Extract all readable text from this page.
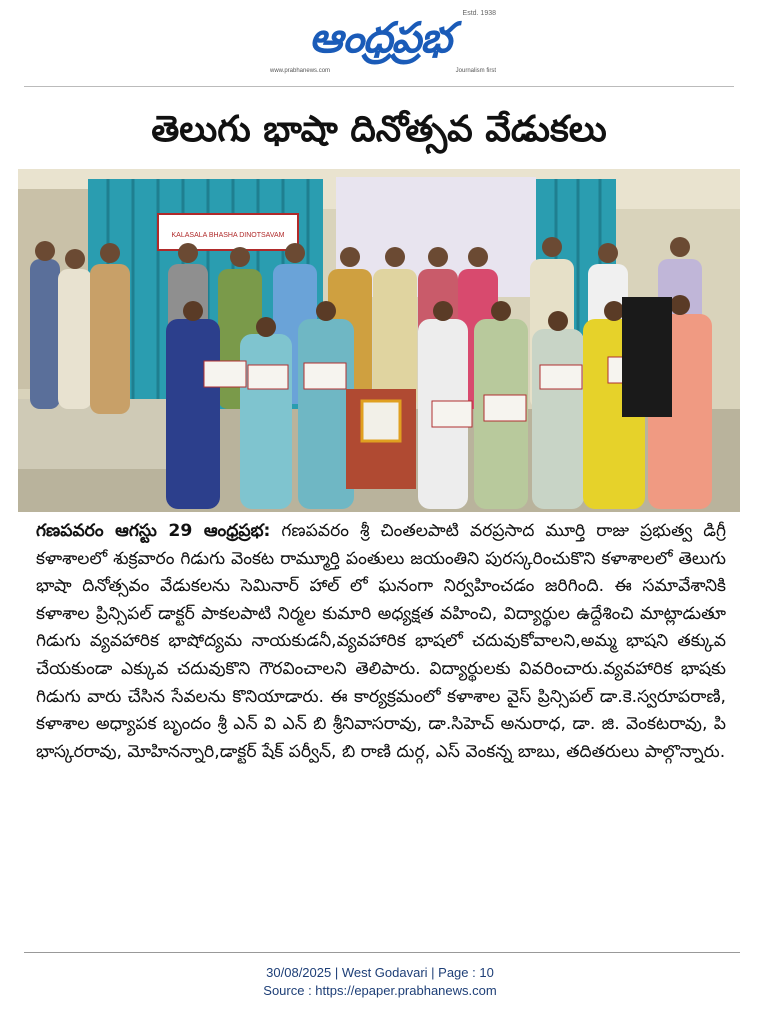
ఆంధ్రప్రభ	Estd. 1938
www.prabhanews.com	Journalism first
తెలుగు భాషా దినోత్సవ వేడుకలు
KALASALA BHASHA DINOTSAVAM
గణపవరం ఆగస్టు 29 ఆంధ్రప్రభ: గణపవరం శ్రీ చింతలపాటి వరప్రసాద మూర్తి రాజు ప్రభుత్వ డిగ్రీ కళాశాలలో శుక్రవారం గిడుగు వెంకట రామ్మూర్తి పంతులు జయంతిని పురస్కరించుకొని కళాశాలలో తెలుగు భాషా దినోత్సవం వేడుకలను సెమినార్ హాల్ లో ఘనంగా నిర్వహించడం జరిగింది. ఈ సమావేశానికి కళాశాల ప్రిన్సిపల్ డాక్టర్ పాకలపాటి నిర్మల కుమారి అధ్యక్షత వహించి, విద్యార్థుల ఉద్దేశించి మాట్లాడుతూ గిడుగు వ్యవహారిక భాషోద్యమ నాయకుడనీ,వ్యవహారిక భాషలో చదువుకోవాలని,అమ్మ భాషని తక్కువ చేయకుండా ఎక్కువ చదువుకొని గౌరవించాలని తెలిపారు. విద్యార్థులకు వివరించారు.వ్యవహారిక భాషకు గిడుగు వారు చేసిన సేవలను కొనియాడారు. ఈ కార్యక్రమంలో కళాశాల వైస్ ప్రిన్సిపల్ డా.కె.స్వరూపరాణి, కళాశాల అధ్యాపక బృందం శ్రీ ఎన్ వి ఎన్ బి శ్రీనివాసరావు, డా.సిహెచ్ అనురాధ, డా. జి. వెంకటరావు, పి భాస్కరరావు, మోహినన్నారి,డాక్టర్ షేక్ పర్వీన్, బి రాణి దుర్గ, ఎస్ వెంకన్న బాబు, తదితరులు పాల్గొన్నారు.
30/08/2025 | West Godavari | Page : 10
Source : https://epaper.prabhanews.com
